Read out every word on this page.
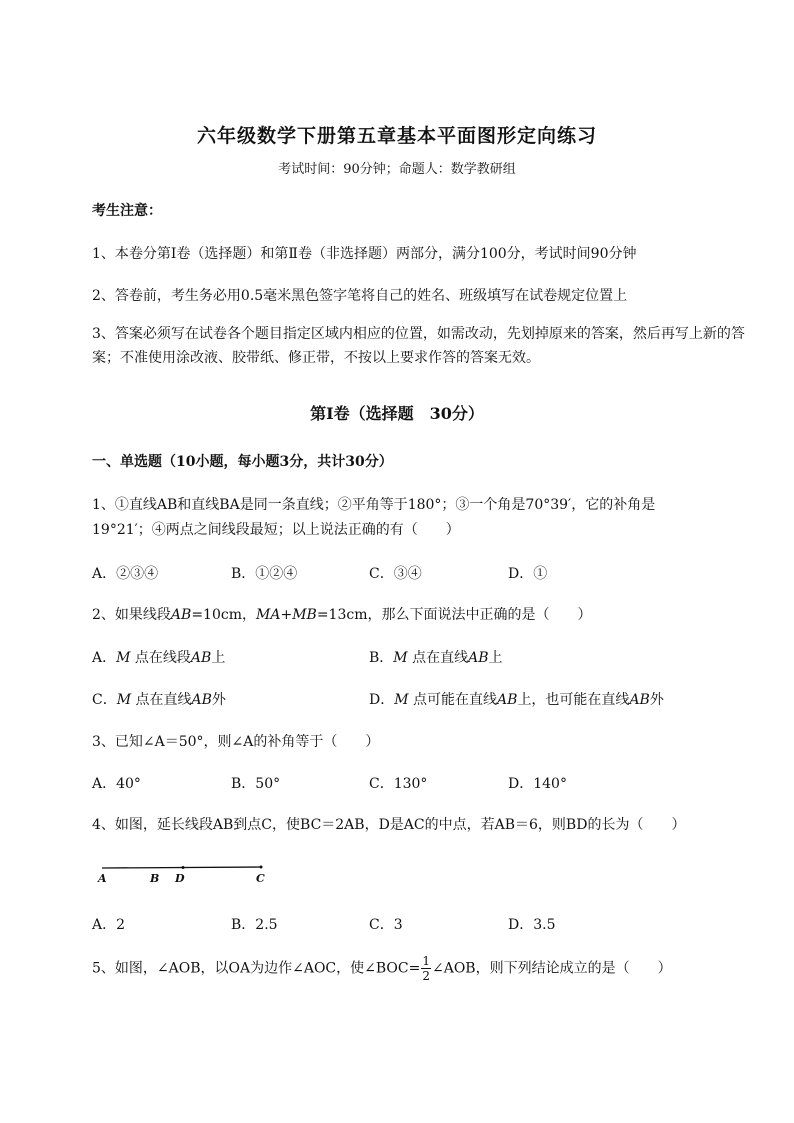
六年级数学下册第五章基本平面图形定向练习
考试时间：90分钟；命题人：数学教研组
考生注意：
1、本卷分第I卷（选择题）和第Ⅱ卷（非选择题）两部分，满分100分，考试时间90分钟
2、答卷前，考生务必用0.5毫米黑色签字笔将自己的姓名、班级填写在试卷规定位置上
3、答案必须写在试卷各个题目指定区域内相应的位置，如需改动，先划掉原来的答案，然后再写上新的答案；不准使用涂改液、胶带纸、修正带，不按以上要求作答的答案无效。
第I卷（选择题　30分）
一、单选题（10小题，每小题3分，共计30分）
1、①直线AB和直线BA是同一条直线；②平角等于180°；③一个角是70°39′，它的补角是
19°21′；④两点之间线段最短；以上说法正确的有（　　）
A．②③④	B．①②④	C．③④	D．①
2、如果线段AB=10cm，MA+MB=13cm，那么下面说法中正确的是（　　）
A．M 点在线段AB上	B．M 点在直线AB上
C．M 点在直线AB外	D．M 点可能在直线AB上，也可能在直线AB外
3、已知∠A＝50°，则∠A的补角等于（　　）
A．40°	B．50°	C．130°	D．140°
4、如图，延长线段AB到点C，使BC＝2AB，D是AC的中点，若AB＝6，则BD的长为（　　）
A	B D	C
A．2	B．2.5	C．3	D．3.5
5、如图，∠AOB，以OA为边作∠AOC，使∠BOC= $\frac{1}{2}$ ∠AOB，则下列结论成立的是（　　）
